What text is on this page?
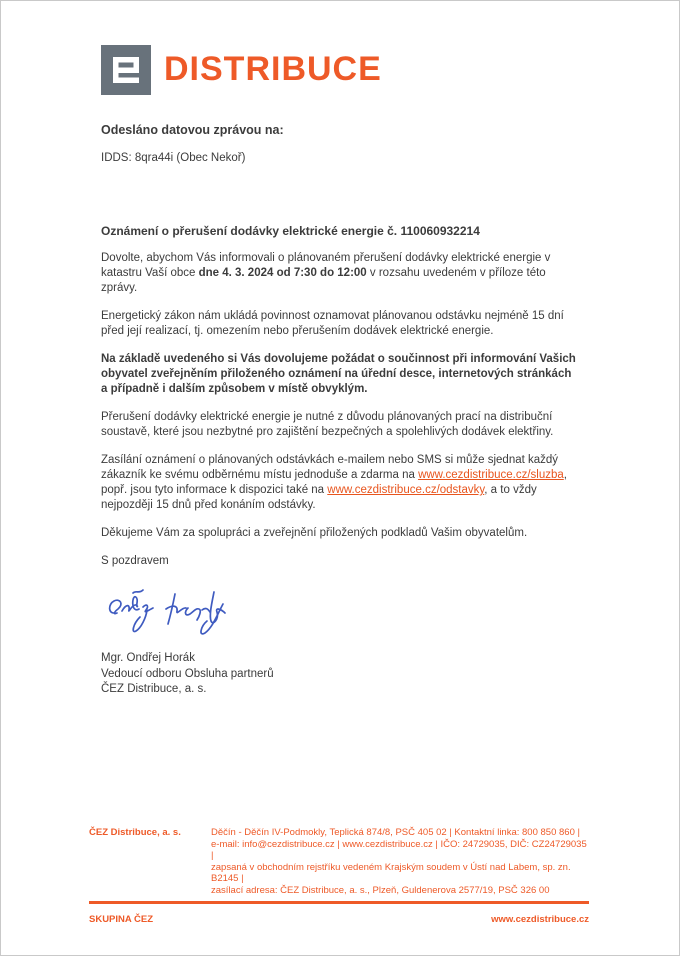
DISTRIBUCE
Odesláno datovou zprávou na:
IDDS: 8qra44i (Obec Nekoř)
Oznámení o přerušení dodávky elektrické energie č. 110060932214

Dovolte, abychom Vás informovali o plánovaném přerušení dodávky elektrické energie v katastru Vaší obce dne 4. 3. 2024 od 7:30 do 12:00 v rozsahu uvedeném v příloze této zprávy.

Energetický zákon nám ukládá povinnost oznamovat plánovanou odstávku nejméně 15 dní před její realizací, tj. omezením nebo přerušením dodávek elektrické energie.

Na základě uvedeného si Vás dovolujeme požádat o součinnost při informování Vašich obyvatel zveřejněním přiloženého oznámení na úřední desce, internetových stránkách a případně i dalším způsobem v místě obvyklým.

Přerušení dodávky elektrické energie je nutné z důvodu plánovaných prací na distribuční soustavě, které jsou nezbytné pro zajištění bezpečných a spolehlivých dodávek elektřiny.

Zasílání oznámení o plánovaných odstávkách e-mailem nebo SMS si může sjednat každý zákazník ke svému odběrnému místu jednoduše a zdarma na www.cezdistribuce.cz/sluzba, popř. jsou tyto informace k dispozici také na www.cezdistribuce.cz/odstavky, a to vždy nejpozději 15 dnů před konáním odstávky.

Děkujeme Vám za spolupráci a zveřejnění přiložených podkladů Vašim obyvatelům.

S pozdravem

Mgr. Ondřej Horák
Vedoucí odboru Obsluha partnerů
ČEZ Distribuce, a. s.
ČEZ Distribuce, a. s.	Děčín - Děčín IV-Podmokly, Teplická 874/8, PSČ 405 02 | Kontaktní linka: 800 850 860 |
e-mail: info@cezdistribuce.cz | www.cezdistribuce.cz | IČO: 24729035, DIČ: CZ24729035 |
zapsaná v obchodním rejstříku vedeném Krajským soudem v Ústí nad Labem, sp. zn. B2145 |
zasílací adresa: ČEZ Distribuce, a. s., Plzeň, Guldenerova 2577/19, PSČ 326 00
SKUPINA ČEZ	www.cezdistribuce.cz
